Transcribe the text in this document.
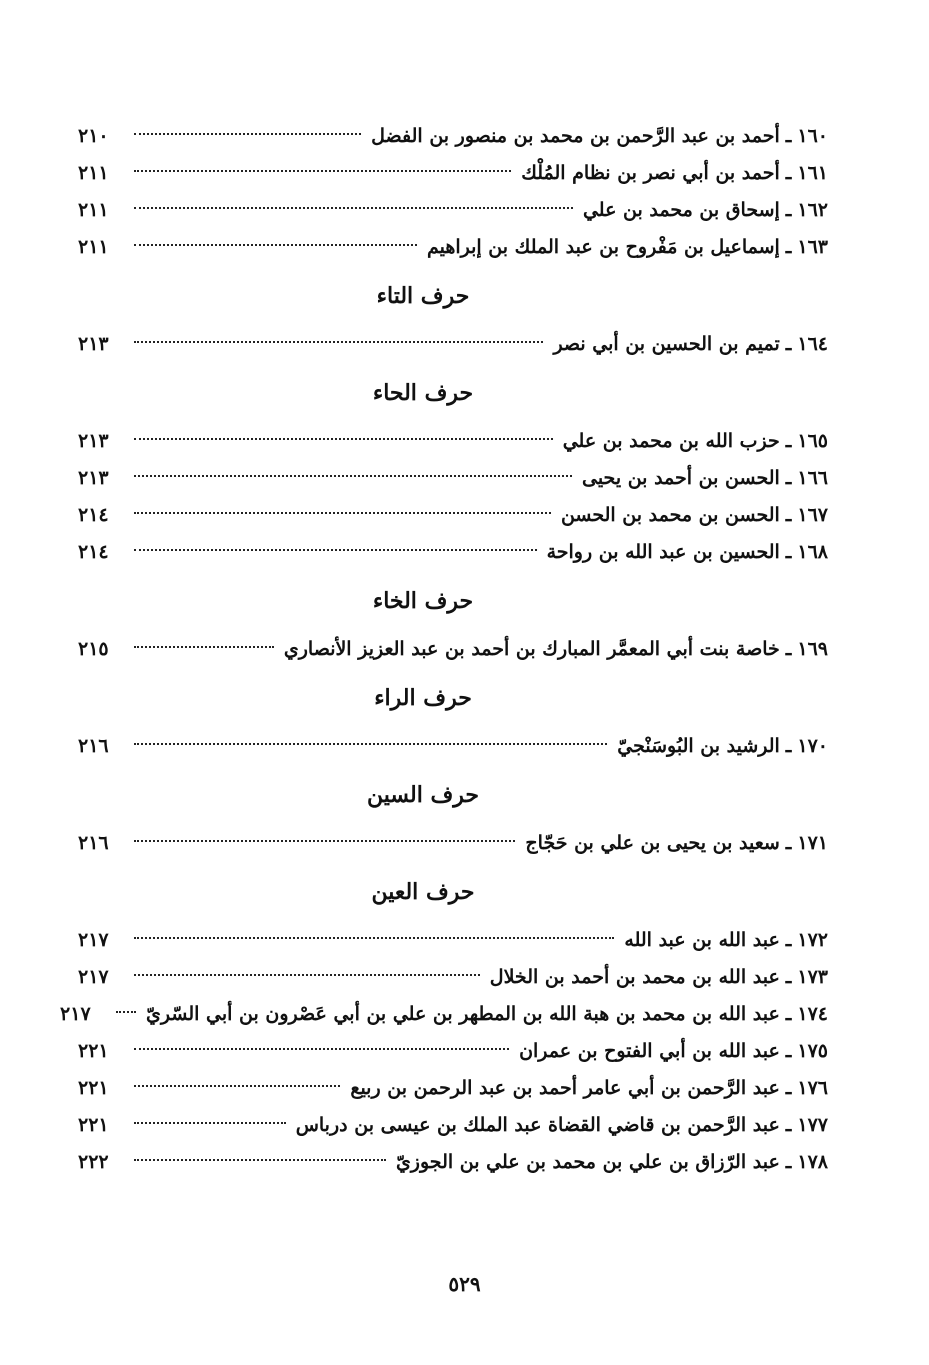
١٦٠
ـ
أحمد بن عبد الرَّحمن بن محمد بن منصور بن الفضل
٢١٠
١٦١
ـ
أحمد بن أبي نصر بن نظام المُلْك
٢١١
١٦٢
ـ
إسحاق بن محمد بن علي
٢١١
١٦٣
ـ
إسماعيل بن مَفْروح بن عبد الملك بن إبراهيم
٢١١
حرف التاء
١٦٤
ـ
تميم بن الحسين بن أبي نصر
٢١٣
حرف الحاء
١٦٥
ـ
حزب الله بن محمد بن علي
٢١٣
١٦٦
ـ
الحسن بن أحمد بن يحيى
٢١٣
١٦٧
ـ
الحسن بن محمد بن الحسن
٢١٤
١٦٨
ـ
الحسين بن عبد الله بن رواحة
٢١٤
حرف الخاء
١٦٩
ـ
خاصة بنت أبي المعمَّر المبارك بن أحمد بن عبد العزيز الأنصاري
٢١٥
حرف الراء
١٧٠
ـ
الرشيد بن البُوسَنْجيّ
٢١٦
حرف السين
١٧١
ـ
سعيد بن يحيى بن علي بن حَجّاج
٢١٦
حرف العين
١٧٢
ـ
عبد الله بن عبد الله
٢١٧
١٧٣
ـ
عبد الله بن محمد بن أحمد بن الخلال
٢١٧
١٧٤
ـ
عبد الله بن محمد بن هبة الله بن المطهر بن علي بن أبي عَصْرون بن أبي السّريّ
٢١٧
١٧٥
ـ
عبد الله بن أبي الفتوح بن عمران
٢٢١
١٧٦
ـ
عبد الرَّحمن بن أبي عامر أحمد بن عبد الرحمن بن ربيع
٢٢١
١٧٧
ـ
عبد الرَّحمن بن قاضي القضاة عبد الملك بن عيسى بن درباس
٢٢١
١٧٨
ـ
عبد الرّزاق بن علي بن محمد بن علي بن الجوزيّ
٢٢٢
٥٢٩
